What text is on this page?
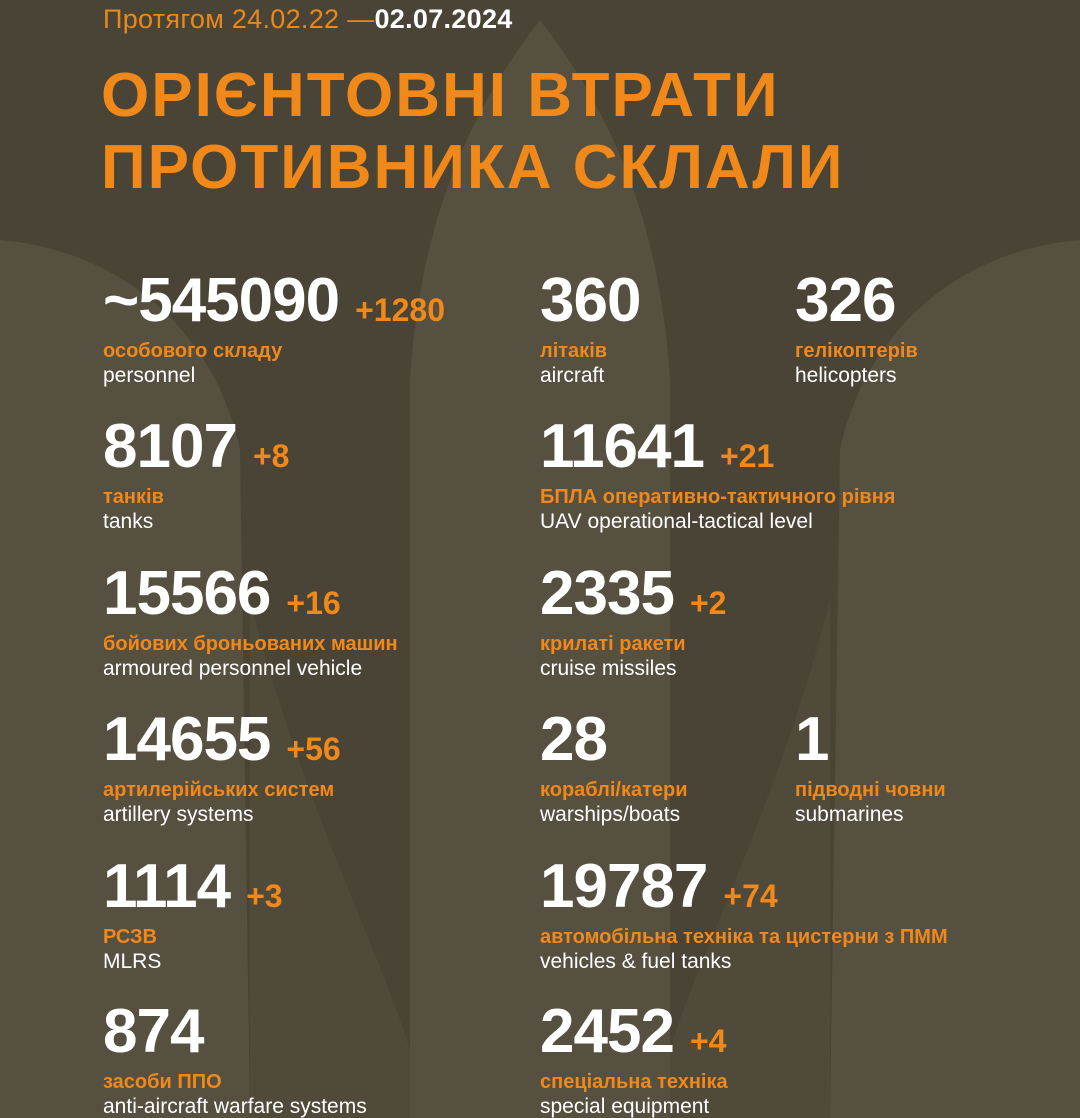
Протягом 24.02.22 —02.07.2024
ОРІЄНТОВНІ ВТРАТИ
ПРОТИВНИКА СКЛАЛИ
~545090 +1280
особового складу
personnel
360
літаків
aircraft
326
гелікоптерів
helicopters
8107 +8
танків
tanks
11641 +21
БПЛА оперативно-тактичного рівня
UAV operational-tactical level
15566 +16
бойових броньованих машин
armoured personnel vehicle
2335 +2
крилаті ракети
cruise missiles
14655 +56
артилерійських систем
artillery systems
28
кораблі/катери
warships/boats
1
підводні човни
submarines
1114 +3
РСЗВ
MLRS
19787 +74
автомобільна техніка та цистерни з ПММ
vehicles & fuel tanks
874
засоби ППО
anti-aircraft warfare systems
2452 +4
спеціальна техніка
special equipment
